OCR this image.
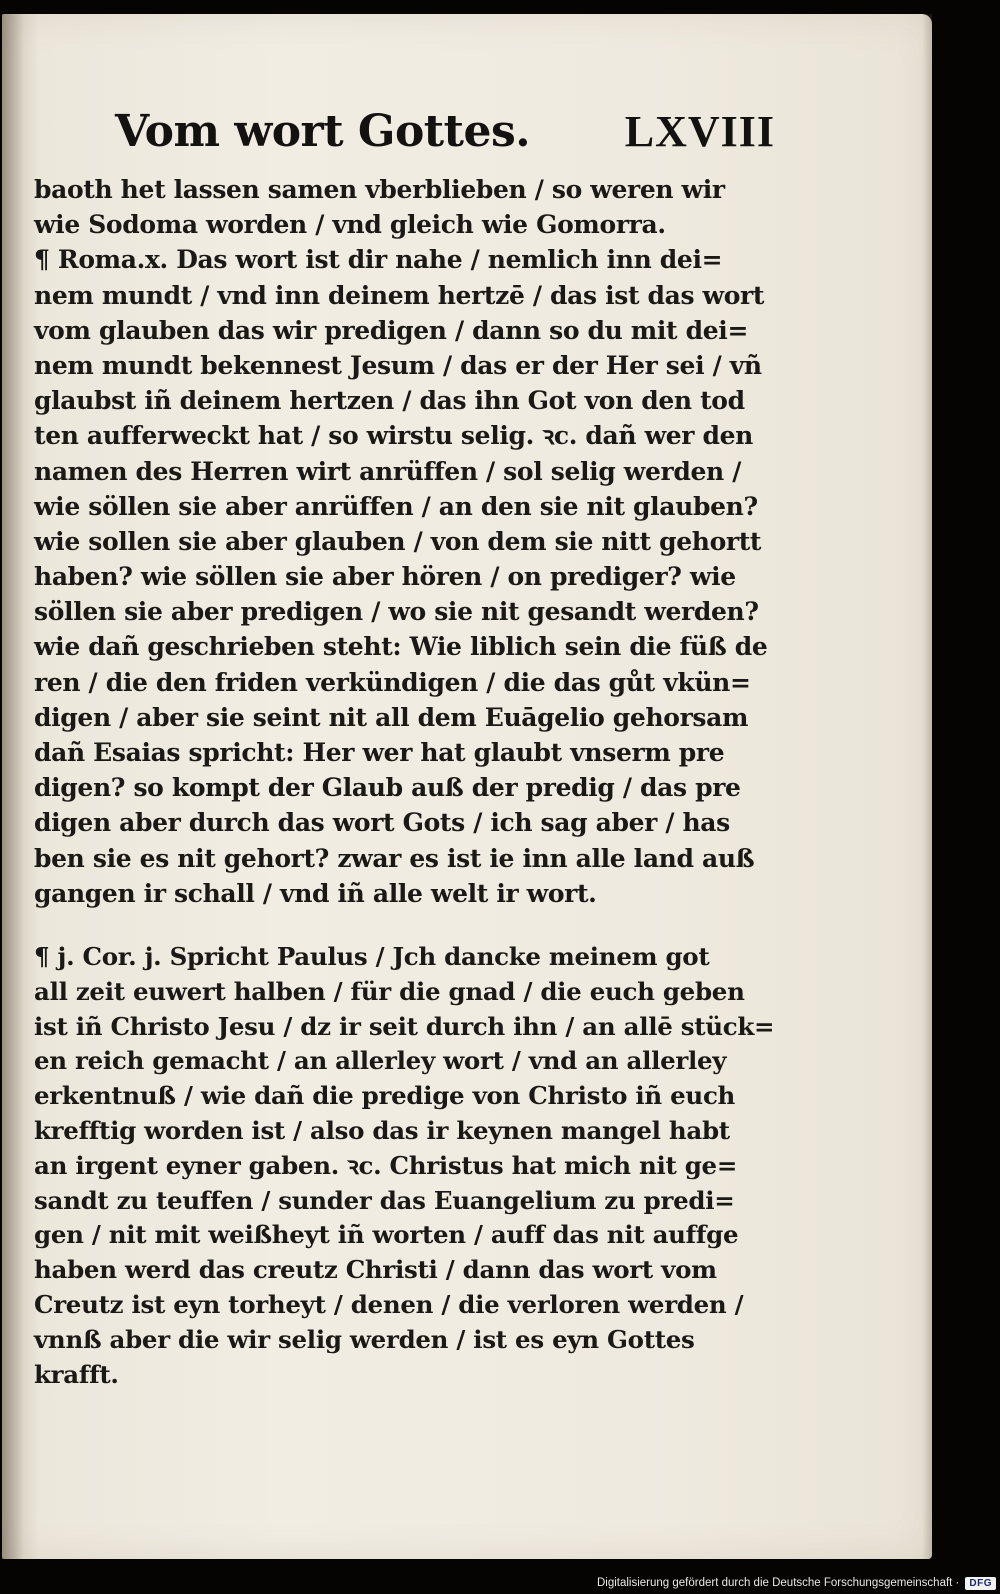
Vom wort Gottes. LXVIII
baoth het lassen samen vberblieben / so weren wir
wie Sodoma worden / vnd gleich wie Gomorra.
¶ Roma.x. Das wort ist dir nahe / nemlich inn dei=
nem mundt / vnd inn deinem hertzē / das ist das wort
vom glauben das wir predigen / dann so du mit dei=
nem mundt bekennest Jesum / das er der Her sei / vñ
glaubst iñ deinem hertzen / das ihn Got von den tod
ten aufferweckt hat / so wirstu selig. ꝛc. dañ wer den
namen des Herren wirt anrüffen / sol selig werden /
wie söllen sie aber anrüffen / an den sie nit glauben?
wie sollen sie aber glauben / von dem sie nitt gehortt
haben? wie söllen sie aber hören / on prediger? wie
söllen sie aber predigen / wo sie nit gesandt werden?
wie dañ geschrieben steht: Wie liblich sein die füß de
ren / die den friden verkündigen / die das gůt vkün=
digen / aber sie seint nit all dem Euāgelio gehorsam
dañ Esaias spricht: Her wer hat glaubt vnserm pre
digen? so kompt der Glaub auß der predig / das pre
digen aber durch das wort Gots / ich sag aber / has
ben sie es nit gehort? zwar es ist ie inn alle land auß
gangen ir schall / vnd iñ alle welt ir wort.
¶ j. Cor. j. Spricht Paulus / Jch dancke meinem got
all zeit euwert halben / für die gnad / die euch geben
ist iñ Christo Jesu / dz ir seit durch ihn / an allē stück=
en reich gemacht / an allerley wort / vnd an allerley
erkentnuß / wie dañ die predige von Christo iñ euch
krefftig worden ist / also das ir keynen mangel habt
an irgent eyner gaben. ꝛc. Christus hat mich nit ge=
sandt zu teuffen / sunder das Euangelium zu predi=
gen / nit mit weißheyt iñ worten / auff das nit auffge
haben werd das creutz Christi / dann das wort vom
Creutz ist eyn torheyt / denen / die verloren werden /
vnnß aber die wir selig werden / ist es eyn Gottes
krafft.
Digitalisierung gefördert durch die Deutsche Forschungsgemeinschaft ·	DFG
